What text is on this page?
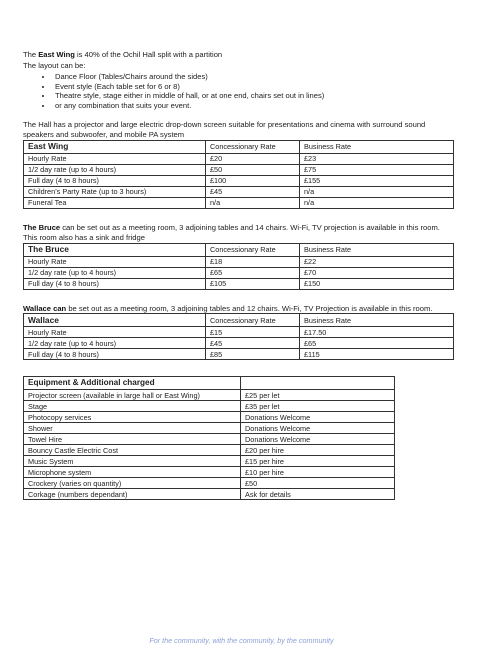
The East Wing is 40% of the Ochil Hall split with a partition

The layout can be:

• Dance Floor (Tables/Chairs around the sides)
• Event style (Each table set for 6 or 8)
• Theatre style, stage either in middle of hall, or at one end, chairs set out in lines)
• or any combination that suits your event.

The Hall has a projector and large electric drop-down screen suitable for presentations and cinema with surround sound speakers and subwoofer, and mobile PA system

East Wing	Concessionary Rate	Business Rate
Hourly Rate	£20	£23
1/2 day rate (up to 4 hours)	£50	£75
Full day (4 to 8 hours)	£100	£155
Children’s Party Rate (up to 3 hours)	£45	n/a
Funeral Tea	n/a	n/a

The Bruce can be set out as a meeting room, 3 adjoining tables and 14 chairs. Wi-Fi, TV projection is available in this room. This room also has a sink and fridge

The Bruce	Concessionary Rate	Business Rate
Hourly Rate	£18	£22
1/2 day rate (up to 4 hours)	£65	£70
Full day (4 to 8 hours)	£105	£150

Wallace can be set out as a meeting room, 3 adjoining tables and 12 chairs. Wi-Fi, TV Projection is available in this room.

Wallace	Concessionary Rate	Business Rate
Hourly Rate	£15	£17.50
1/2 day rate (up to 4 hours)	£45	£65
Full day (4 to 8 hours)	£85	£115
Equipment & Additional charged	
Projector screen (available in large hall or East Wing)	£25 per let
Stage	£35 per let
Photocopy services	Donations Welcome
Shower	Donations Welcome
Towel Hire	Donations Welcome
Bouncy Castle Electric Cost	£20 per hire
Music System	£15 per hire
Microphone system	£10 per hire
Crockery (varies on quantity)	£50
Corkage (numbers dependant)	Ask for details
For the community, with the community, by the community
